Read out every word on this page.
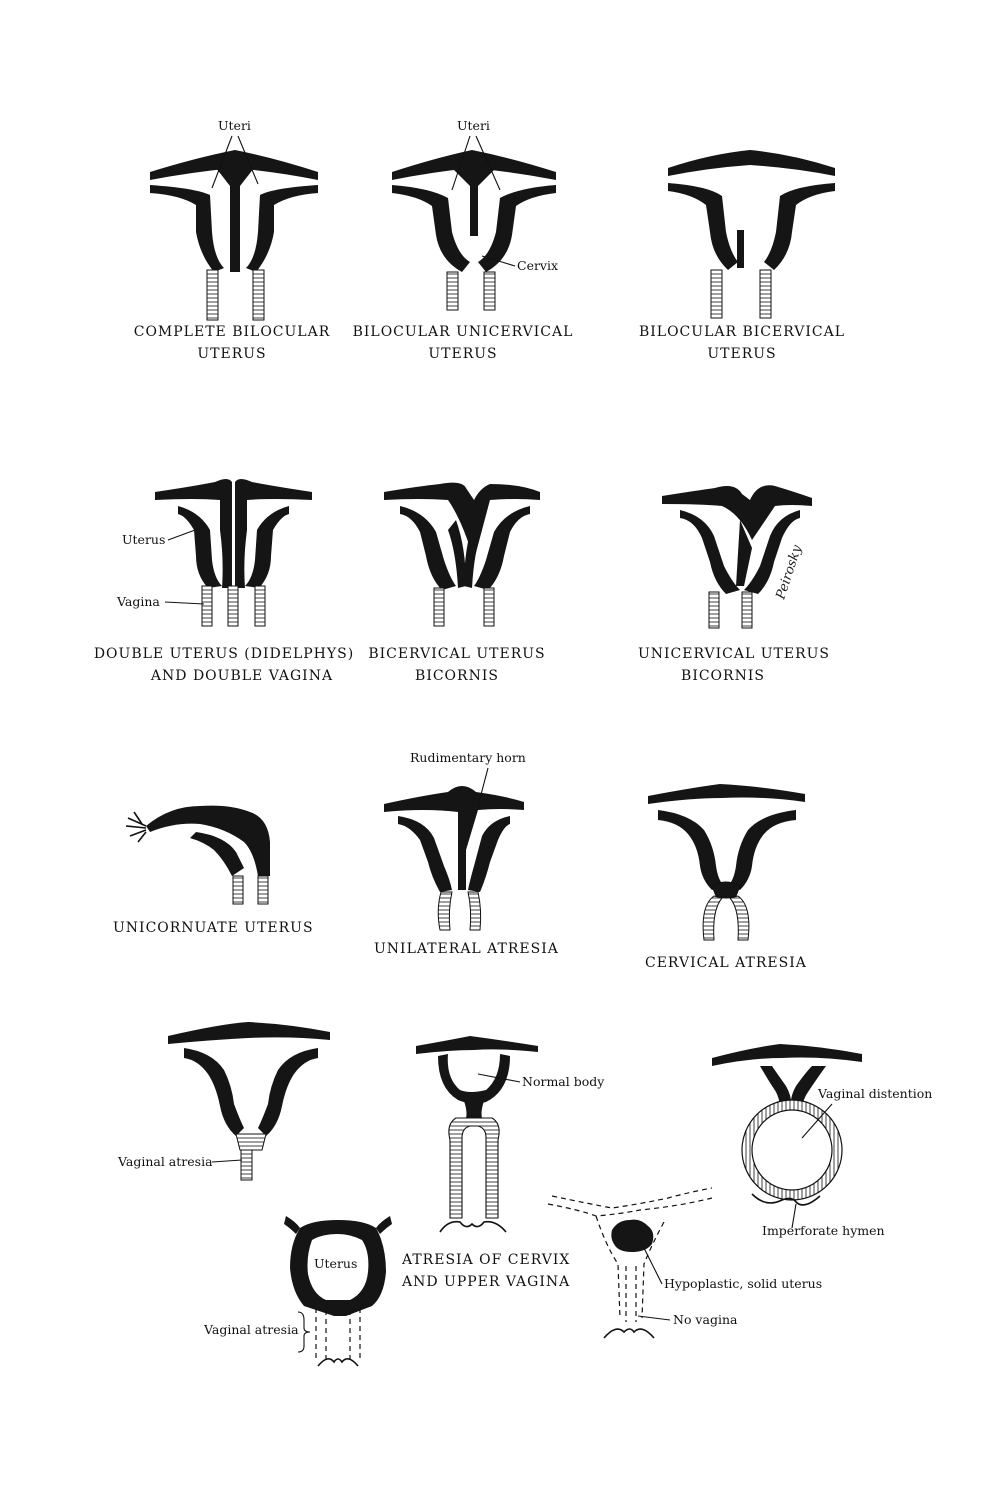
Uteri	Uteri
Cervix
COMPLETE BILOCULAR
UTERUS
BILOCULAR UNICERVICAL
UTERUS
BILOCULAR BICERVICAL
UTERUS
Uterus
Vagina
Peirosky
DOUBLE UTERUS (DIDELPHYS)
AND DOUBLE VAGINA
BICERVICAL UTERUS
BICORNIS
UNICERVICAL UTERUS
BICORNIS
Rudimentary horn
UNICORNUATE UTERUS
UNILATERAL ATRESIA
CERVICAL ATRESIA
Vaginal atresia
Normal body
Vaginal distention
Imperforate hymen
Uterus
Vaginal atresia
Hypoplastic, solid uterus
No vagina
ATRESIA OF CERVIX
AND UPPER VAGINA
